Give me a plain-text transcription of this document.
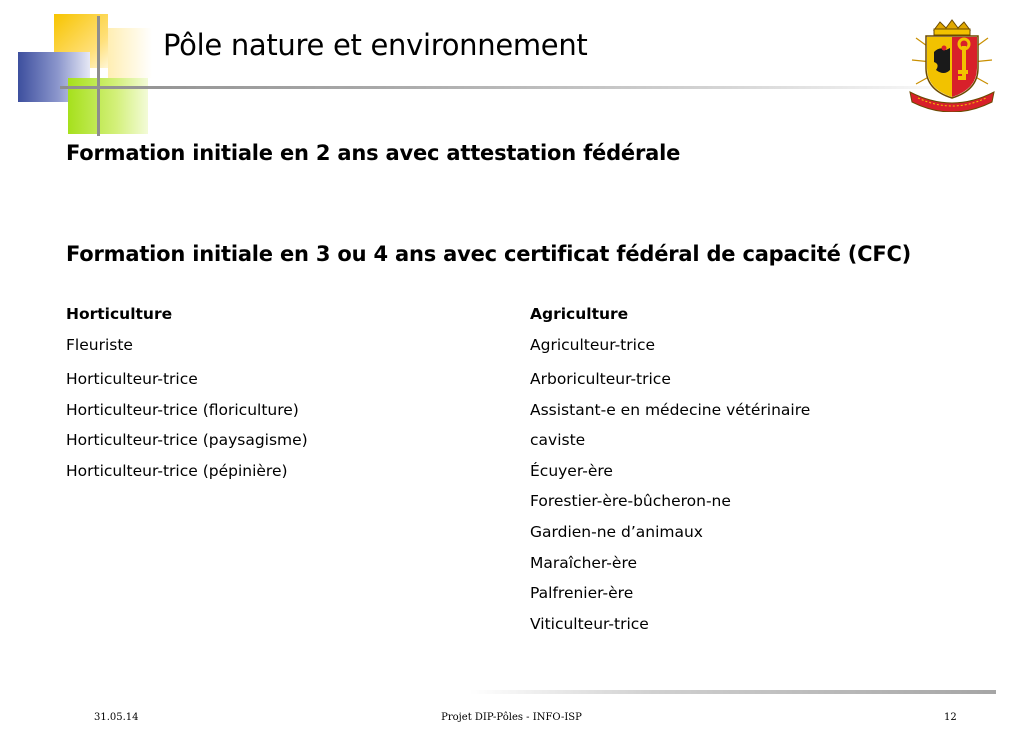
Pôle nature et environnement
Formation initiale en 2 ans avec attestation fédérale
Formation initiale en 3 ou 4 ans avec certificat fédéral de capacité (CFC)
Horticulture
Fleuriste
Horticulteur-trice
Horticulteur-trice (floriculture)
Horticulteur-trice (paysagisme)
Horticulteur-trice (pépinière)
Agriculture
Agriculteur-trice
Arboriculteur-trice
Assistant-e en médecine vétérinaire
caviste
Écuyer-ère
Forestier-ère-bûcheron-ne
Gardien-ne d’animaux
Maraîcher-ère
Palfrenier-ère
Viticulteur-trice
31.05.14	Projet DIP-Pôles - INFO-ISP	12
